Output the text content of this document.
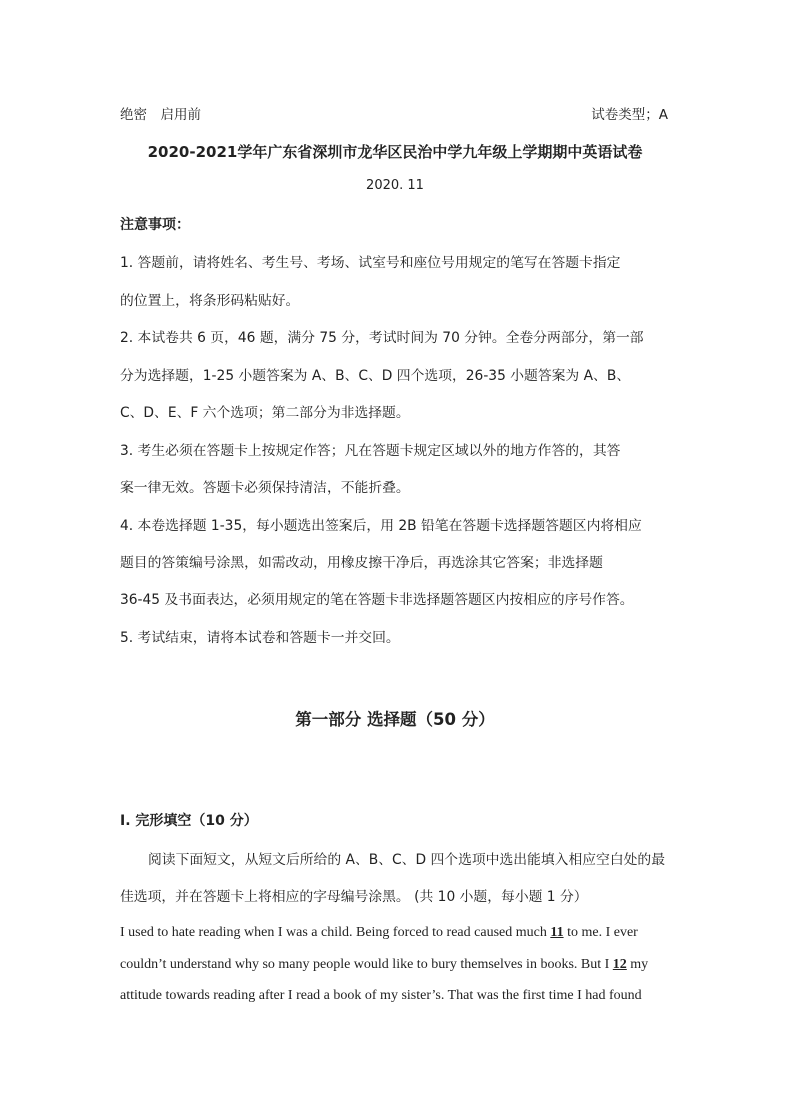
绝密　启用前	试卷类型；A
2020-2021学年广东省深圳市龙华区民治中学九年级上学期期中英语试卷
2020. 11
注意事项：
1. 答题前，请将姓名、考生号、考场、试室号和座位号用规定的笔写在答题卡指定
的位置上，将条形码粘贴好。
2. 本试卷共 6 页，46 题，满分 75 分，考试时间为 70 分钟。全卷分两部分，第一部
分为选择题，1-25 小题答案为 A、B、C、D 四个选项，26-35 小题答案为 A、B、
C、D、E、F 六个选项；第二部分为非选择题。
3. 考生必须在答题卡上按规定作答；凡在答题卡规定区域以外的地方作答的，其答
案一律无效。答题卡必须保持清洁，不能折叠。
4. 本卷选择题 1-35，每小题选出签案后，用 2B 铅笔在答题卡选择题答题区内将相应
题目的答策编号涂黑，如需改动，用橡皮擦干净后，再选涂其它答案；非选择题
36-45 及书面表达，必须用规定的笔在答题卡非选择题答题区内按相应的序号作答。
5. 考试结束，请将本试卷和答题卡一并交回。
第一部分 选择题（50 分）
I. 完形填空（10 分）
阅读下面短文，从短文后所给的 A、B、C、D 四个选项中选出能填入相应空白处的最
佳选项，并在答题卡上将相应的字母编号涂黑。 (共 10 小题，每小题 1 分）
I used to hate reading when I was a child. Being forced to read caused much 11 to me. I ever
couldn’t understand why so many people would like to bury themselves in books. But I 12 my
attitude towards reading after I read a book of my sister’s. That was the first time I had found
